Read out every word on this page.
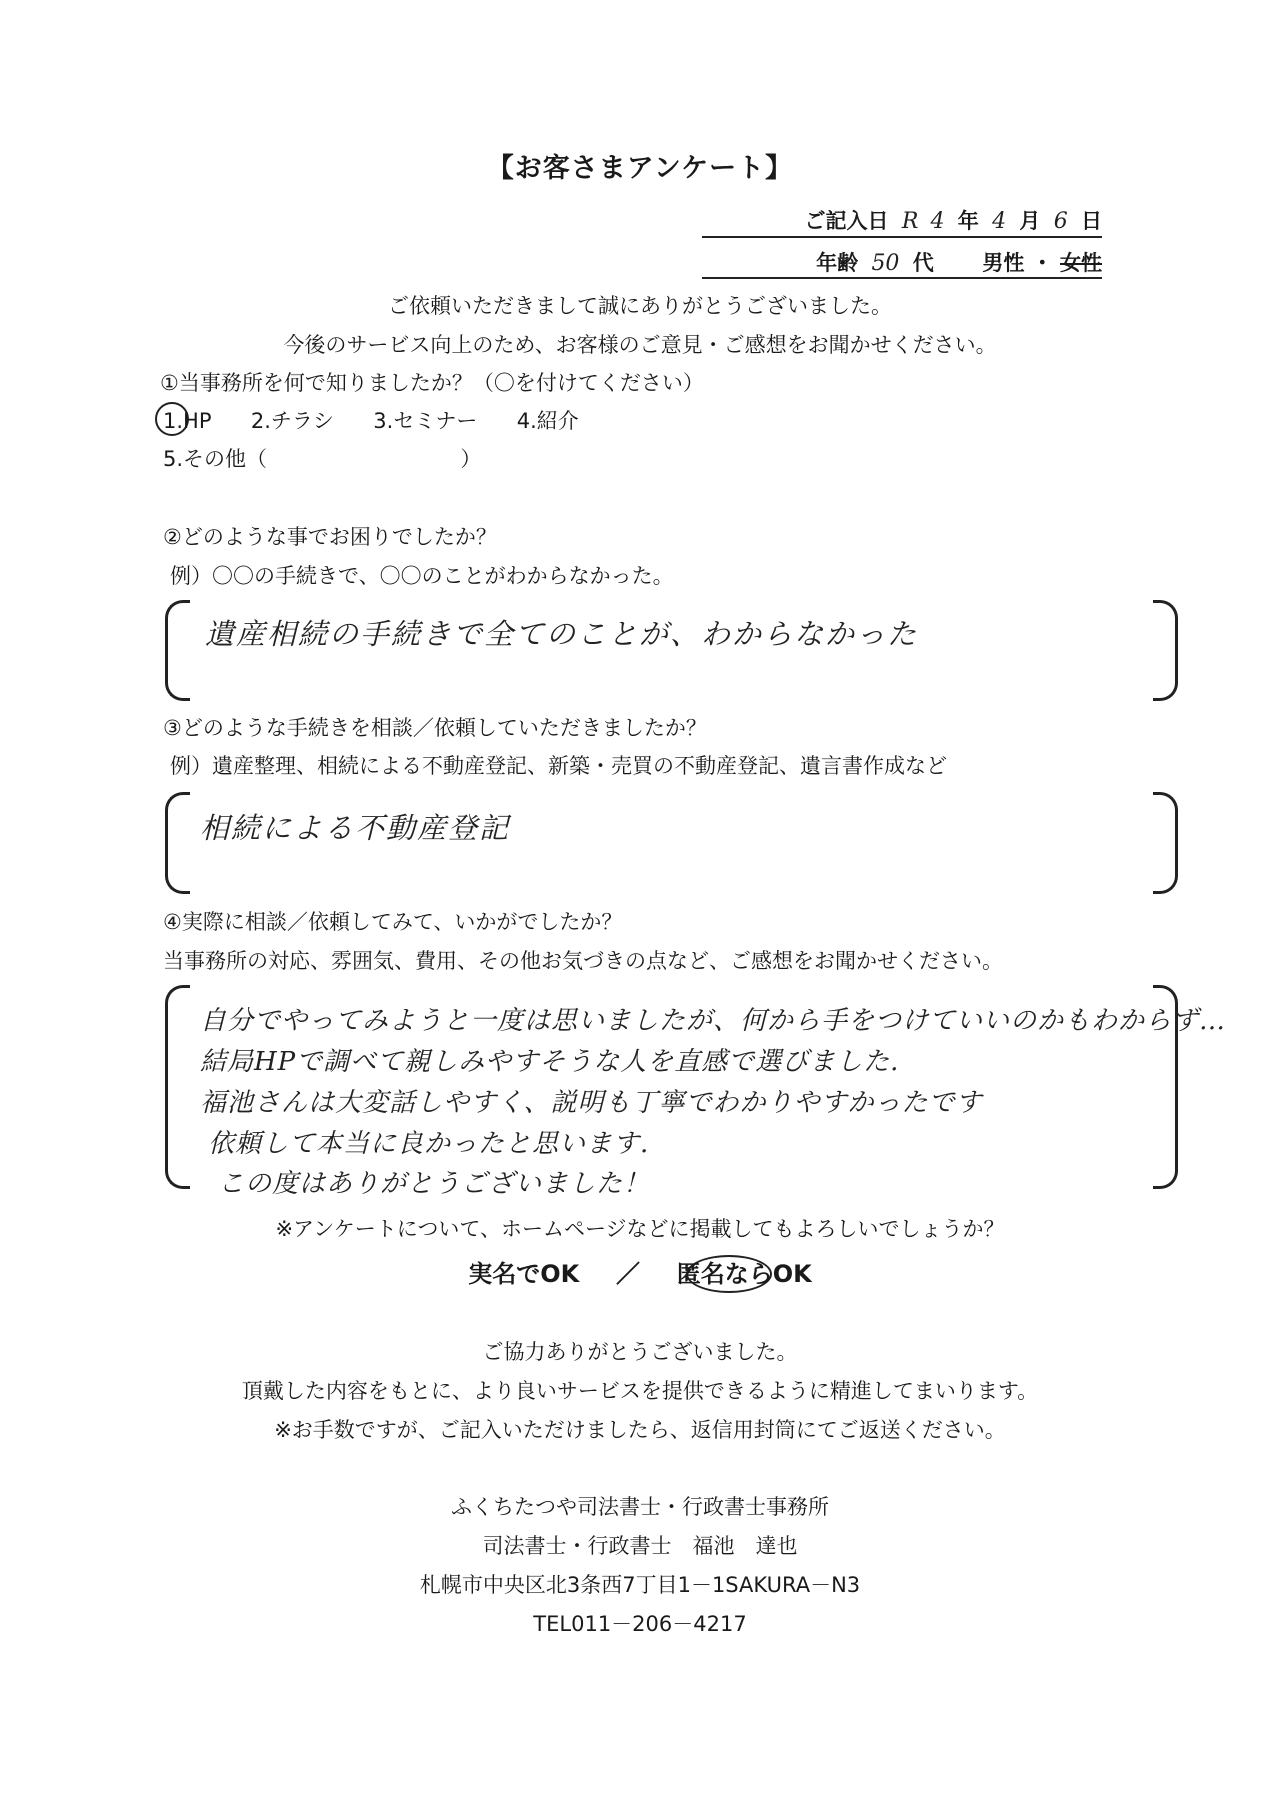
【お客さまアンケート】
ご記入日 R 4 年 4 月 6 日
年齢 50 代 男性 ・ 女性
ご依頼いただきまして誠にありがとうございました。
今後のサービス向上のため、お客様のご意見・ご感想をお聞かせください。
①当事務所を何で知りましたか？（〇を付けてください）
1.HP 2.チラシ 3.セミナー 4.紹介
5.その他（	）
②どのような事でお困りでしたか？
例）〇〇の手続きで、〇〇のことがわからなかった。
遺産相続の手続きで全てのことが、わからなかった
③どのような手続きを相談／依頼していただきましたか？
例）遺産整理、相続による不動産登記、新築・売買の不動産登記、遺言書作成など
相続による不動産登記
④実際に相談／依頼してみて、いかがでしたか？
当事務所の対応、雰囲気、費用、その他お気づきの点など、ご感想をお聞かせください。
自分でやってみようと一度は思いましたが、何から手をつけていいのかもわからず…
結局HPで調べて親しみやすそうな人を直感で選びました.
福池さんは大変話しやすく、説明も丁寧でわかりやすかったです
依頼して本当に良かったと思います.
この度はありがとうございました！
※アンケートについて、ホームページなどに掲載してもよろしいでしょうか？
実名でOK ／ 匿名ならOK
ご協力ありがとうございました。
頂戴した内容をもとに、より良いサービスを提供できるように精進してまいります。
※お手数ですが、ご記入いただけましたら、返信用封筒にてご返送ください。
ふくちたつや司法書士・行政書士事務所
司法書士・行政書士　福池　達也
札幌市中央区北3条西7丁目1－1SAKURA－N3
TEL011－206－4217
